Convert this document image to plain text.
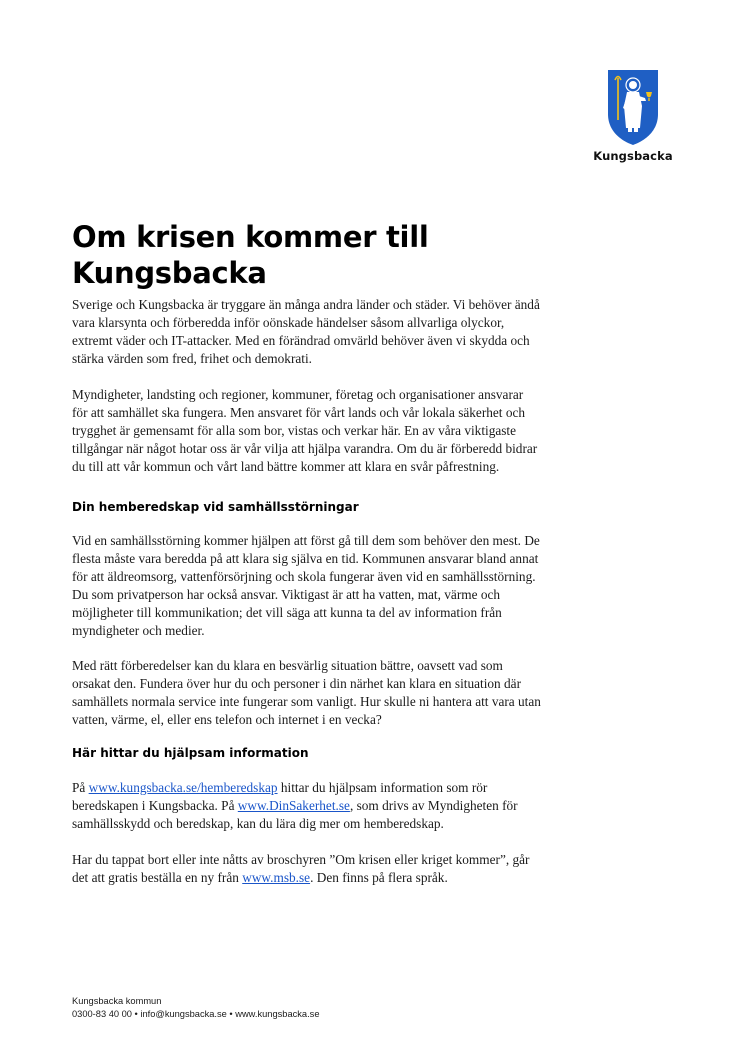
Kungsbacka
Om krisen kommer till
Kungsbacka
Sverige och Kungsbacka är tryggare än många andra länder och städer. Vi behöver ändå
vara klarsynta och förberedda inför oönskade händelser såsom allvarliga olyckor,
extremt väder och IT-attacker. Med en förändrad omvärld behöver även vi skydda och
stärka värden som fred, frihet och demokrati.
Myndigheter, landsting och regioner, kommuner, företag och organisationer ansvarar
för att samhället ska fungera. Men ansvaret för vårt lands och vår lokala säkerhet och
trygghet är gemensamt för alla som bor, vistas och verkar här. En av våra viktigaste
tillgångar när något hotar oss är vår vilja att hjälpa varandra. Om du är förberedd bidrar
du till att vår kommun och vårt land bättre kommer att klara en svår påfrestning.
Din hemberedskap vid samhällsstörningar
Vid en samhällsstörning kommer hjälpen att först gå till dem som behöver den mest. De
flesta måste vara beredda på att klara sig själva en tid. Kommunen ansvarar bland annat
för att äldreomsorg, vattenförsörjning och skola fungerar även vid en samhällsstörning.
Du som privatperson har också ansvar. Viktigast är att ha vatten, mat, värme och
möjligheter till kommunikation; det vill säga att kunna ta del av information från
myndigheter och medier.
Med rätt förberedelser kan du klara en besvärlig situation bättre, oavsett vad som
orsakat den. Fundera över hur du och personer i din närhet kan klara en situation där
samhällets normala service inte fungerar som vanligt. Hur skulle ni hantera att vara utan
vatten, värme, el, eller ens telefon och internet i en vecka?
Här hittar du hjälpsam information
På www.kungsbacka.se/hemberedskap hittar du hjälpsam information som rör
beredskapen i Kungsbacka. På www.DinSakerhet.se, som drivs av Myndigheten för
samhällsskydd och beredskap, kan du lära dig mer om hemberedskap.
Har du tappat bort eller inte nåtts av broschyren ”Om krisen eller kriget kommer”, går
det att gratis beställa en ny från www.msb.se. Den finns på flera språk.
Kungsbacka kommun
0300-83 40 00 • info@kungsbacka.se • www.kungsbacka.se
